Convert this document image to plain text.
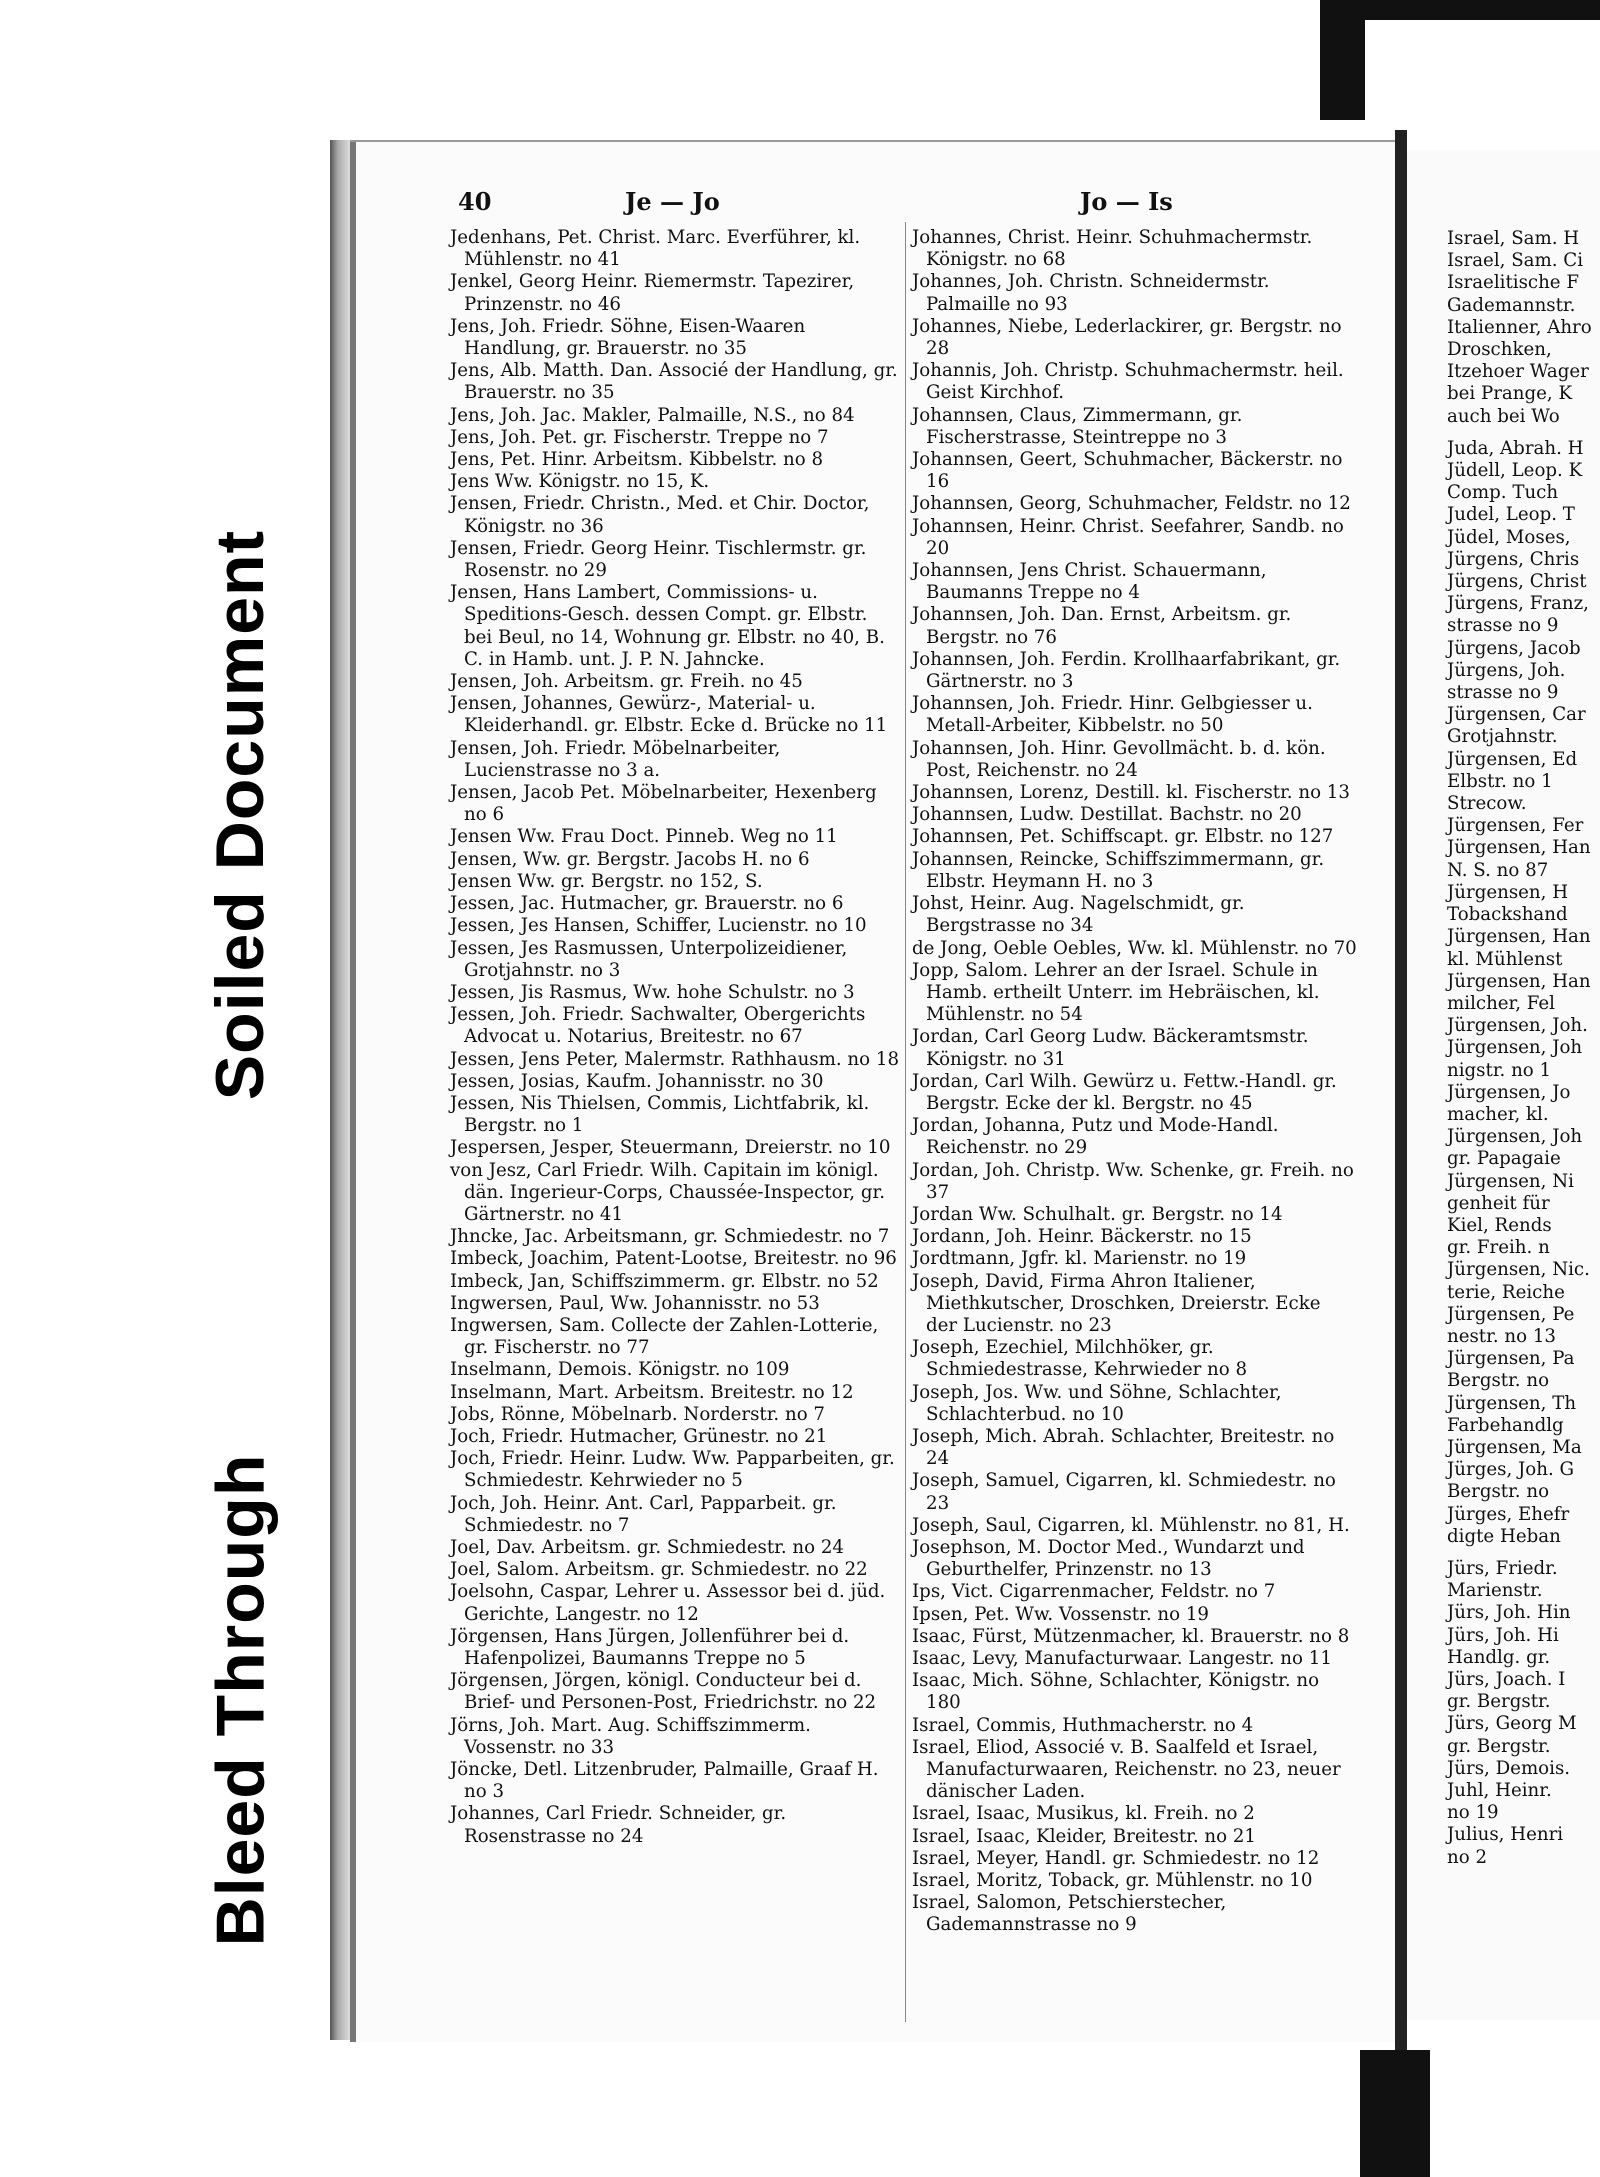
Soiled Document
Bleed Through
40	Je — Jo	Jo — Is
Jedenhans, Pet. Christ. Marc. Everführer, kl. Mühlenstr. no 41
Jenkel, Georg Heinr. Riemermstr. Tapezirer, Prinzenstr. no 46
Jens, Joh. Friedr. Söhne, Eisen-Waaren Handlung, gr. Brauerstr. no 35
Jens, Alb. Matth. Dan. Associé der Handlung, gr. Brauerstr. no 35
Jens, Joh. Jac. Makler, Palmaille, N.S., no 84
Jens, Joh. Pet. gr. Fischerstr. Treppe no 7
Jens, Pet. Hinr. Arbeitsm. Kibbelstr. no 8
Jens Ww. Königstr. no 15, K.
Jensen, Friedr. Christn., Med. et Chir. Doctor, Königstr. no 36
Jensen, Friedr. Georg Heinr. Tischlermstr. gr. Rosenstr. no 29
Jensen, Hans Lambert, Commissions- u. Speditions-Gesch. dessen Compt. gr. Elbstr. bei Beul, no 14, Wohnung gr. Elbstr. no 40, B. C. in Hamb. unt. J. P. N. Jahncke.
Jensen, Joh. Arbeitsm. gr. Freih. no 45
Jensen, Johannes, Gewürz-, Material- u. Kleiderhandl. gr. Elbstr. Ecke d. Brücke no 11
Jensen, Joh. Friedr. Möbelnarbeiter, Lucienstrasse no 3 a.
Jensen, Jacob Pet. Möbelnarbeiter, Hexenberg no 6
Jensen Ww. Frau Doct. Pinneb. Weg no 11
Jensen, Ww. gr. Bergstr. Jacobs H. no 6
Jensen Ww. gr. Bergstr. no 152, S.
Jessen, Jac. Hutmacher, gr. Brauerstr. no 6
Jessen, Jes Hansen, Schiffer, Lucienstr. no 10
Jessen, Jes Rasmussen, Unterpolizeidiener, Grotjahnstr. no 3
Jessen, Jis Rasmus, Ww. hohe Schulstr. no 3
Jessen, Joh. Friedr. Sachwalter, Obergerichts Advocat u. Notarius, Breitestr. no 67
Jessen, Jens Peter, Malermstr. Rathhausm. no 18
Jessen, Josias, Kaufm. Johannisstr. no 30
Jessen, Nis Thielsen, Commis, Lichtfabrik, kl. Bergstr. no 1
Jespersen, Jesper, Steuermann, Dreierstr. no 10
von Jesz, Carl Friedr. Wilh. Capitain im königl. dän. Ingerieur-Corps, Chaussée-Inspector, gr. Gärtnerstr. no 41
Jhncke, Jac. Arbeitsmann, gr. Schmiedestr. no 7
Imbeck, Joachim, Patent-Lootse, Breitestr. no 96
Imbeck, Jan, Schiffszimmerm. gr. Elbstr. no 52
Ingwersen, Paul, Ww. Johannisstr. no 53
Ingwersen, Sam. Collecte der Zahlen-Lotterie, gr. Fischerstr. no 77
Inselmann, Demois. Königstr. no 109
Inselmann, Mart. Arbeitsm. Breitestr. no 12
Jobs, Rönne, Möbelnarb. Norderstr. no 7
Joch, Friedr. Hutmacher, Grünestr. no 21
Joch, Friedr. Heinr. Ludw. Ww. Papparbeiten, gr. Schmiedestr. Kehrwieder no 5
Joch, Joh. Heinr. Ant. Carl, Papparbeit. gr. Schmiedestr. no 7
Joel, Dav. Arbeitsm. gr. Schmiedestr. no 24
Joel, Salom. Arbeitsm. gr. Schmiedestr. no 22
Joelsohn, Caspar, Lehrer u. Assessor bei d. jüd. Gerichte, Langestr. no 12
Jörgensen, Hans Jürgen, Jollenführer bei d. Hafenpolizei, Baumanns Treppe no 5
Jörgensen, Jörgen, königl. Conducteur bei d. Brief- und Personen-Post, Friedrichstr. no 22
Jörns, Joh. Mart. Aug. Schiffszimmerm. Vossenstr. no 33
Jöncke, Detl. Litzenbruder, Palmaille, Graaf H. no 3
Johannes, Carl Friedr. Schneider, gr. Rosenstrasse no 24
Johannes, Christ. Heinr. Schuhmachermstr. Königstr. no 68
Johannes, Joh. Christn. Schneidermstr. Palmaille no 93
Johannes, Niebe, Lederlackirer, gr. Bergstr. no 28
Johannis, Joh. Christp. Schuhmachermstr. heil. Geist Kirchhof.
Johannsen, Claus, Zimmermann, gr. Fischerstrasse, Steintreppe no 3
Johannsen, Geert, Schuhmacher, Bäckerstr. no 16
Johannsen, Georg, Schuhmacher, Feldstr. no 12
Johannsen, Heinr. Christ. Seefahrer, Sandb. no 20
Johannsen, Jens Christ. Schauermann, Baumanns Treppe no 4
Johannsen, Joh. Dan. Ernst, Arbeitsm. gr. Bergstr. no 76
Johannsen, Joh. Ferdin. Krollhaarfabrikant, gr. Gärtnerstr. no 3
Johannsen, Joh. Friedr. Hinr. Gelbgiesser u. Metall-Arbeiter, Kibbelstr. no 50
Johannsen, Joh. Hinr. Gevollmächt. b. d. kön. Post, Reichenstr. no 24
Johannsen, Lorenz, Destill. kl. Fischerstr. no 13
Johannsen, Ludw. Destillat. Bachstr. no 20
Johannsen, Pet. Schiffscapt. gr. Elbstr. no 127
Johannsen, Reincke, Schiffszimmermann, gr. Elbstr. Heymann H. no 3
Johst, Heinr. Aug. Nagelschmidt, gr. Bergstrasse no 34
de Jong, Oeble Oebles, Ww. kl. Mühlenstr. no 70
Jopp, Salom. Lehrer an der Israel. Schule in Hamb. ertheilt Unterr. im Hebräischen, kl. Mühlenstr. no 54
Jordan, Carl Georg Ludw. Bäckeramtsmstr. Königstr. no 31
Jordan, Carl Wilh. Gewürz u. Fettw.-Handl. gr. Bergstr. Ecke der kl. Bergstr. no 45
Jordan, Johanna, Putz und Mode-Handl. Reichenstr. no 29
Jordan, Joh. Christp. Ww. Schenke, gr. Freih. no 37
Jordan Ww. Schulhalt. gr. Bergstr. no 14
Jordann, Joh. Heinr. Bäckerstr. no 15
Jordtmann, Jgfr. kl. Marienstr. no 19
Joseph, David, Firma Ahron Italiener, Miethkutscher, Droschken, Dreierstr. Ecke der Lucienstr. no 23
Joseph, Ezechiel, Milchhöker, gr. Schmiedestrasse, Kehrwieder no 8
Joseph, Jos. Ww. und Söhne, Schlachter, Schlachterbud. no 10
Joseph, Mich. Abrah. Schlachter, Breitestr. no 24
Joseph, Samuel, Cigarren, kl. Schmiedestr. no 23
Joseph, Saul, Cigarren, kl. Mühlenstr. no 81, H.
Josephson, M. Doctor Med., Wundarzt und Geburthelfer, Prinzenstr. no 13
Ips, Vict. Cigarrenmacher, Feldstr. no 7
Ipsen, Pet. Ww. Vossenstr. no 19
Isaac, Fürst, Mützenmacher, kl. Brauerstr. no 8
Isaac, Levy, Manufacturwaar. Langestr. no 11
Isaac, Mich. Söhne, Schlachter, Königstr. no 180
Israel, Commis, Huthmacherstr. no 4
Israel, Eliod, Associé v. B. Saalfeld et Israel, Manufacturwaaren, Reichenstr. no 23, neuer dänischer Laden.
Israel, Isaac, Musikus, kl. Freih. no 2
Israel, Isaac, Kleider, Breitestr. no 21
Israel, Meyer, Handl. gr. Schmiedestr. no 12
Israel, Moritz, Toback, gr. Mühlenstr. no 10
Israel, Salomon, Petschierstecher, Gademannstrasse no 9
Israel, Sam. H
Israel, Sam. Ci
Israelitische F
Gademannstr.
Italienner, Ahro
Droschken,
Itzehoer Wager
bei Prange, K
auch bei Wo
Juda, Abrah. H
Jüdell, Leop. K
Comp. Tuch
Judel, Leop. T
Jüdel, Moses,
Jürgens, Chris
Jürgens, Christ
Jürgens, Franz,
strasse no 9
Jürgens, Jacob
Jürgens, Joh.
strasse no 9
Jürgensen, Car
Grotjahnstr.
Jürgensen, Ed
Elbstr. no 1
Strecow.
Jürgensen, Fer
Jürgensen, Han
N. S. no 87
Jürgensen, H
Tobackshand
Jürgensen, Han
kl. Mühlenst
Jürgensen, Han
milcher, Fel
Jürgensen, Joh.
Jürgensen, Joh
nigstr. no 1
Jürgensen, Jo
macher, kl.
Jürgensen, Joh
gr. Papagaie
Jürgensen, Ni
genheit für
Kiel, Rends
gr. Freih. n
Jürgensen, Nic.
terie, Reiche
Jürgensen, Pe
nestr. no 13
Jürgensen, Pa
Bergstr. no
Jürgensen, Th
Farbehandlg
Jürgensen, Ma
Jürges, Joh. G
Bergstr. no
Jürges, Ehefr
digte Heban
Jürs, Friedr.
Marienstr.
Jürs, Joh. Hin
Jürs, Joh. Hi
Handlg. gr.
Jürs, Joach. I
gr. Bergstr.
Jürs, Georg M
gr. Bergstr.
Jürs, Demois.
Juhl, Heinr.
no 19
Julius, Henri
no 2
